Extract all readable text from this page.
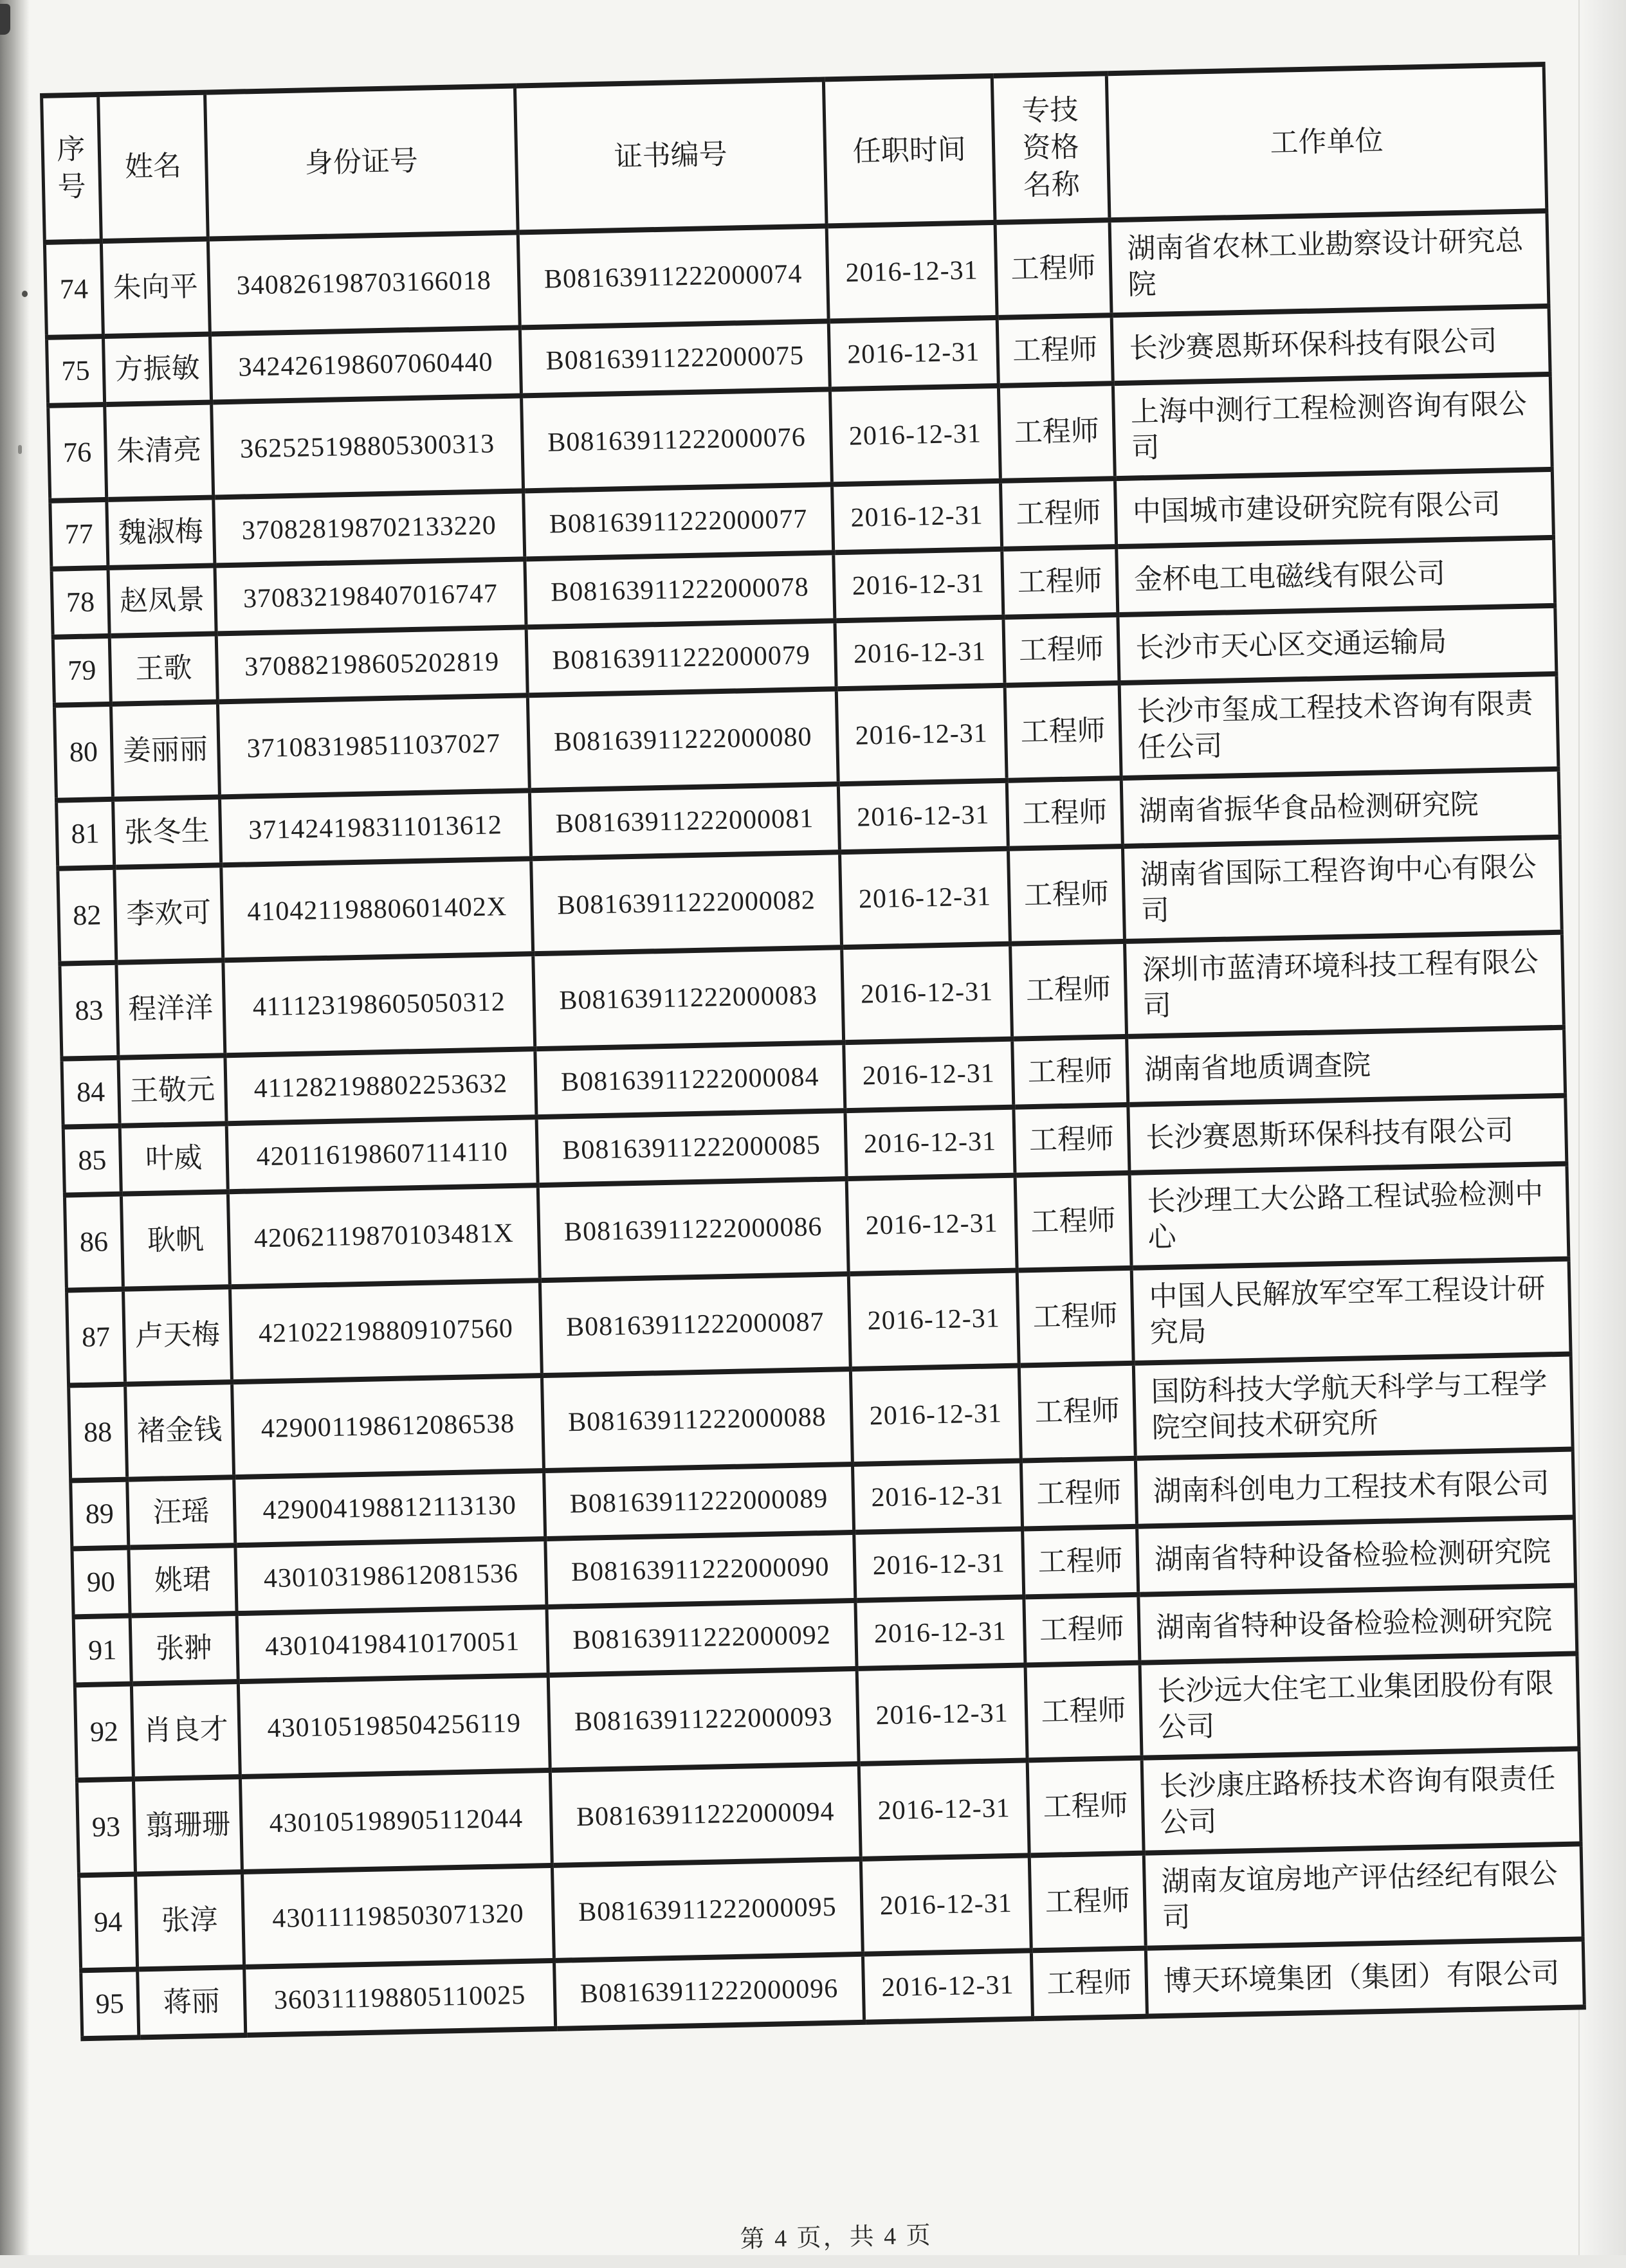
序号	姓名	身份证号	证书编号	任职时间	专技资格名称	工作单位
74	朱向平	340826198703166018	B08163911222000074	2016-12-31	工程师	湖南省农林工业勘察设计研究总院
75	方振敏	342426198607060440	B08163911222000075	2016-12-31	工程师	长沙赛恩斯环保科技有限公司
76	朱清亮	362525198805300313	B08163911222000076	2016-12-31	工程师	上海中测行工程检测咨询有限公司
77	魏淑梅	370828198702133220	B08163911222000077	2016-12-31	工程师	中国城市建设研究院有限公司
78	赵凤景	370832198407016747	B08163911222000078	2016-12-31	工程师	金杯电工电磁线有限公司
79	王歌	370882198605202819	B08163911222000079	2016-12-31	工程师	长沙市天心区交通运输局
80	姜丽丽	371083198511037027	B08163911222000080	2016-12-31	工程师	长沙市玺成工程技术咨询有限责任公司
81	张冬生	371424198311013612	B08163911222000081	2016-12-31	工程师	湖南省振华食品检测研究院
82	李欢可	41042119880601402X	B08163911222000082	2016-12-31	工程师	湖南省国际工程咨询中心有限公司
83	程洋洋	411123198605050312	B08163911222000083	2016-12-31	工程师	深圳市蓝清环境科技工程有限公司
84	王敬元	411282198802253632	B08163911222000084	2016-12-31	工程师	湖南省地质调查院
85	叶威	420116198607114110	B08163911222000085	2016-12-31	工程师	长沙赛恩斯环保科技有限公司
86	耿帆	42062119870103481X	B08163911222000086	2016-12-31	工程师	长沙理工大公路工程试验检测中心
87	卢天梅	421022198809107560	B08163911222000087	2016-12-31	工程师	中国人民解放军空军工程设计研究局
88	褚金钱	429001198612086538	B08163911222000088	2016-12-31	工程师	国防科技大学航天科学与工程学院空间技术研究所
89	汪瑶	429004198812113130	B08163911222000089	2016-12-31	工程师	湖南科创电力工程技术有限公司
90	姚珺	430103198612081536	B08163911222000090	2016-12-31	工程师	湖南省特种设备检验检测研究院
91	张翀	430104198410170051	B08163911222000092	2016-12-31	工程师	湖南省特种设备检验检测研究院
92	肖良才	430105198504256119	B08163911222000093	2016-12-31	工程师	长沙远大住宅工业集团股份有限公司
93	翦珊珊	430105198905112044	B08163911222000094	2016-12-31	工程师	长沙康庄路桥技术咨询有限责任公司
94	张淳	430111198503071320	B08163911222000095	2016-12-31	工程师	湖南友谊房地产评估经纪有限公司
95	蒋丽	360311198805110025	B08163911222000096	2016-12-31	工程师	博天环境集团（集团）有限公司
第 4 页，共 4 页
